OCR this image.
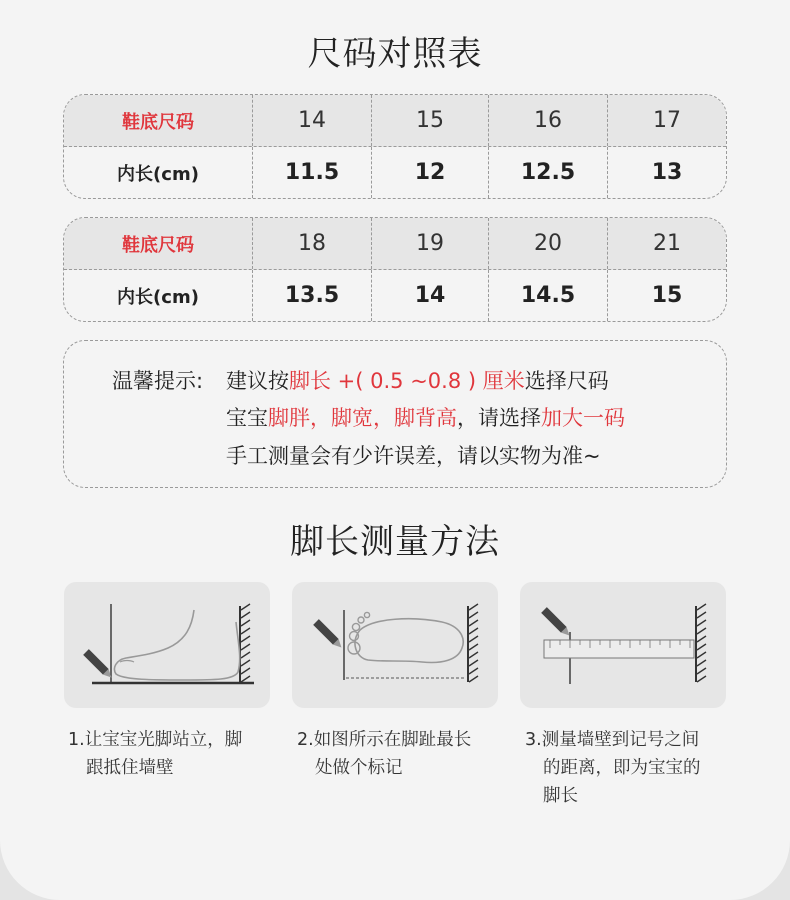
尺码对照表
鞋底尺码	14	15	16	17
内长(cm)	11.5	12	12.5	13
鞋底尺码	18	19	20	21
内长(cm)	13.5	14	14.5	15
温馨提示: 建议按脚长 +( 0.5 ~0.8 ) 厘米选择尺码
宝宝脚胖，脚宽，脚背高，请选择加大一码
手工测量会有少许误差，请以实物为准~
脚长测量方法
1.让宝宝光脚站立，脚
跟抵住墙壁
2.如图所示在脚趾最长
处做个标记
3.测量墙壁到记号之间
的距离，即为宝宝的
脚长
